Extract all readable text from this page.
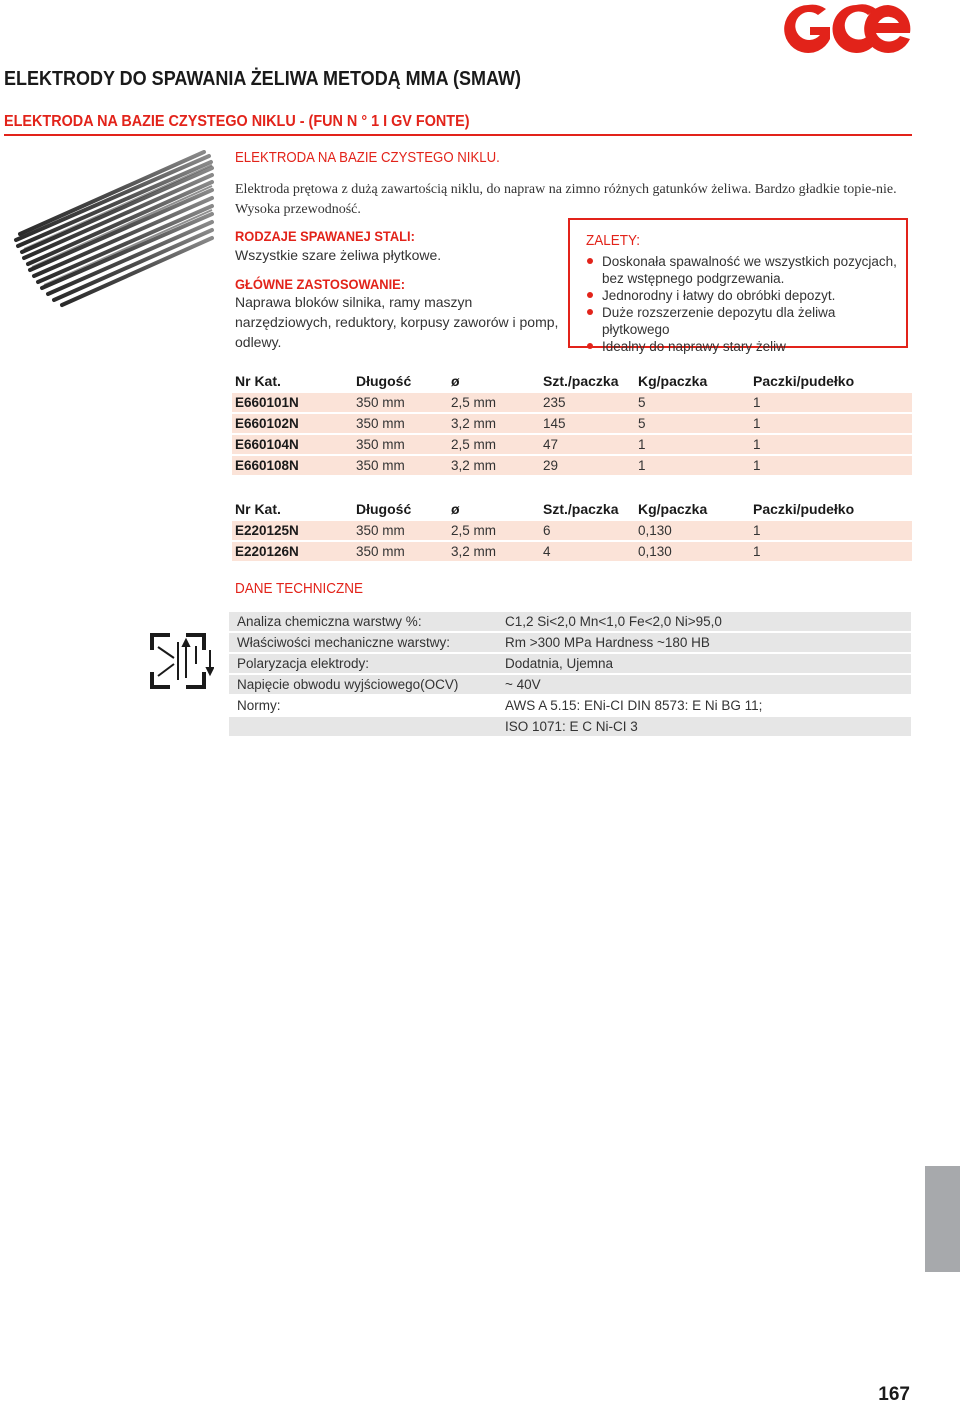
ELEKTRODY DO SPAWANIA ŻELIWA METODĄ MMA (SMAW)
ELEKTRODA NA BAZIE CZYSTEGO NIKLU - (FUN N ° 1 I GV FONTE)
ELEKTRODA NA BAZIE CZYSTEGO NIKLU.
Elektroda prętowa z dużą zawartością niklu, do napraw na zimno różnych gatunków żeliwa. Bardzo gładkie topie-nie. Wysoka przewodność.
RODZAJE SPAWANEJ STALI:
Wszystkie szare żeliwa płytkowe.
GŁÓWNE ZASTOSOWANIE:
Naprawa bloków silnika, ramy maszyn narzędziowych, reduktory, korpusy zaworów i pomp, odlewy.
ZALETY:
Doskonała spawalność we wszystkich pozycjach, bez wstępnego podgrzewania.
Jednorodny i łatwy do obróbki depozyt.
Duże rozszerzenie depozytu dla żeliwa płytkowego
Idealny do naprawy stary żeliw
Nr Kat.	Długość	ø	Szt./paczka	Kg/paczka	Paczki/pudełko
E660101N	350 mm	2,5 mm	235	5	1
E660102N	350 mm	3,2 mm	145	5	1
E660104N	350 mm	2,5 mm	47	1	1
E660108N	350 mm	3,2 mm	29	1	1
Nr Kat.	Długość	ø	Szt./paczka	Kg/paczka	Paczki/pudełko
E220125N	350 mm	2,5 mm	6	0,130	1
E220126N	350 mm	3,2 mm	4	0,130	1
DANE TECHNICZNE
Analiza chemiczna warstwy %:	C1,2 Si<2,0 Mn<1,0 Fe<2,0 Ni>95,0
Właściwości mechaniczne warstwy:	Rm >300 MPa Hardness ~180 HB
Polaryzacja elektrody:	Dodatnia, Ujemna
Napięcie obwodu wyjściowego(OCV)	~ 40V
Normy:	AWS A 5.15: ENi-CI DIN 8573: E Ni BG 11;
ISO 1071: E C Ni-CI 3
167
